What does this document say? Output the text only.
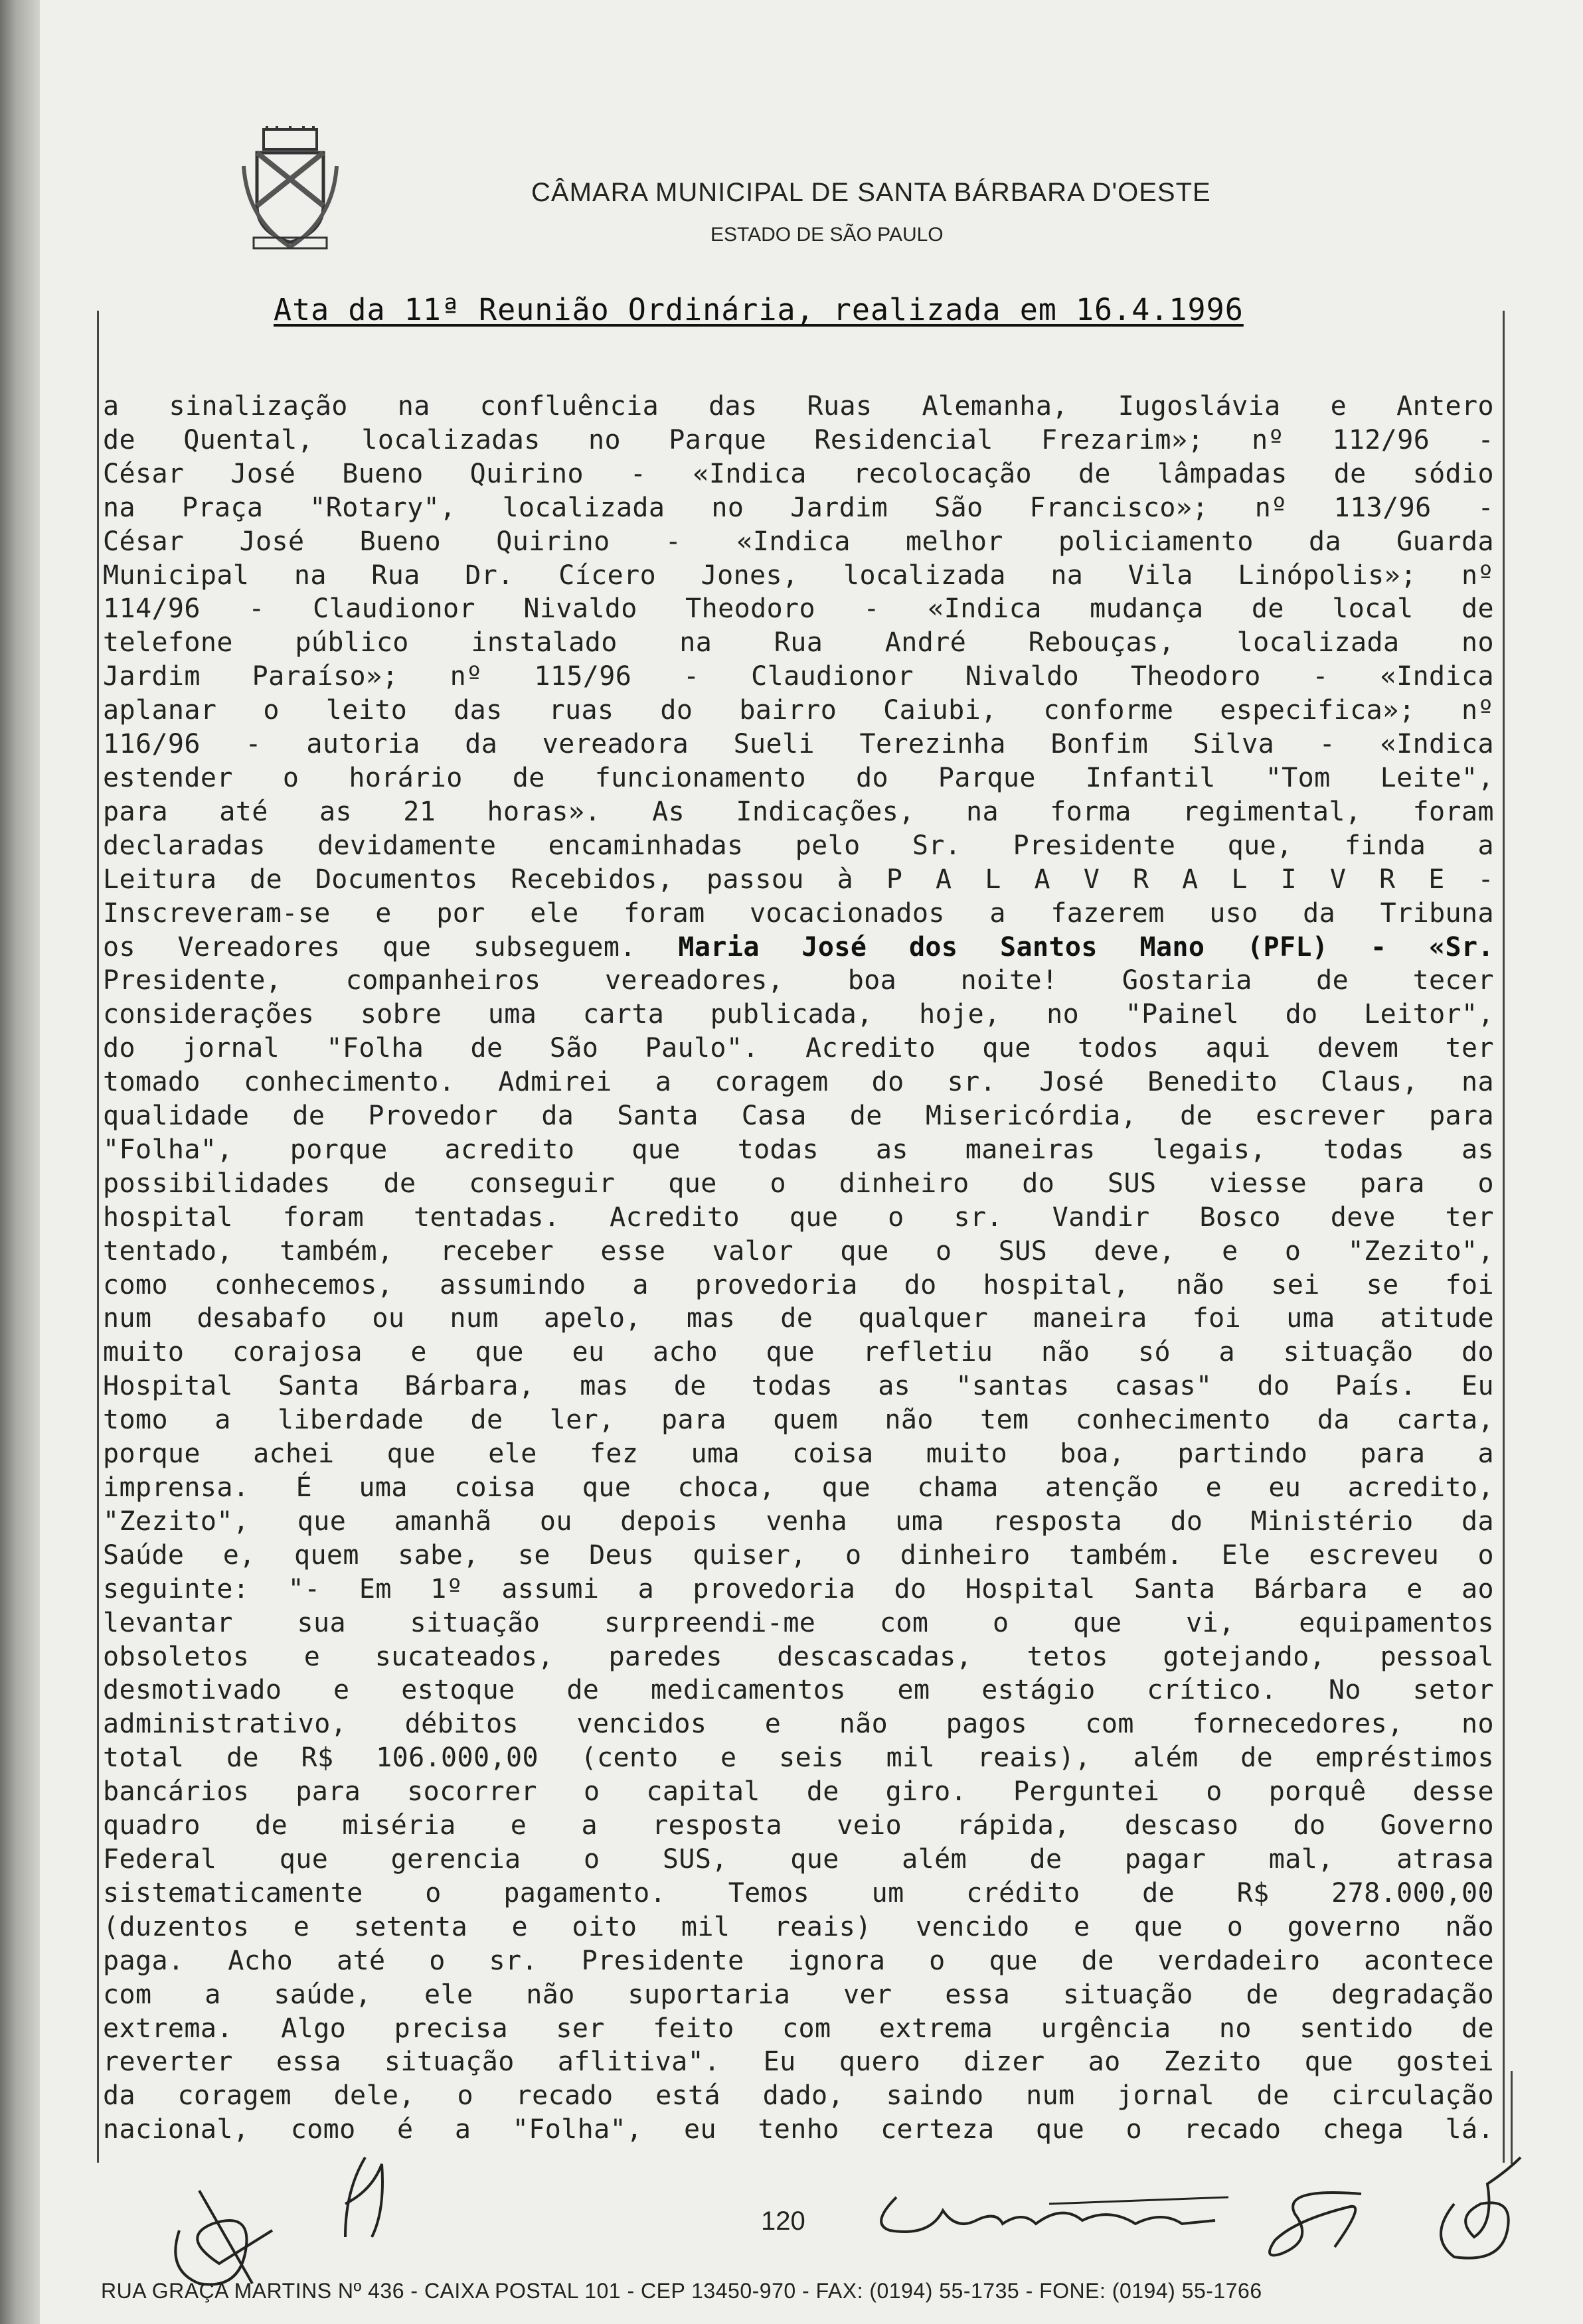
CÂMARA MUNICIPAL DE SANTA BÁRBARA D'OESTE
ESTADO DE SÃO PAULO
Ata da 11ª Reunião Ordinária, realizada em 16.4.1996
a sinalização na confluência das Ruas Alemanha, Iugoslávia e Antero
de Quental, localizadas no Parque Residencial Frezarim»; nº 112/96 -
César José Bueno Quirino - «Indica recolocação de lâmpadas de sódio
na Praça "Rotary", localizada no Jardim São Francisco»; nº 113/96 -
César José Bueno Quirino - «Indica melhor policiamento da Guarda
Municipal na Rua Dr. Cícero Jones, localizada na Vila Linópolis»; nº
114/96 - Claudionor Nivaldo Theodoro - «Indica mudança de local de
telefone público instalado na Rua André Rebouças, localizada no
Jardim Paraíso»; nº 115/96 - Claudionor Nivaldo Theodoro - «Indica
aplanar o leito das ruas do bairro Caiubi, conforme especifica»; nº
116/96 - autoria da vereadora Sueli Terezinha Bonfim Silva - «Indica
estender o horário de funcionamento do Parque Infantil "Tom Leite",
para até as 21 horas». As Indicações, na forma regimental, foram
declaradas devidamente encaminhadas pelo Sr. Presidente que, finda a
Leitura de Documentos Recebidos, passou à P A L A V R A L I V R E -
Inscreveram-se e por ele foram vocacionados a fazerem uso da Tribuna
os Vereadores que subseguem. Maria José dos Santos Mano (PFL) - «Sr.
Presidente, companheiros vereadores, boa noite! Gostaria de tecer
considerações sobre uma carta publicada, hoje, no "Painel do Leitor",
do jornal "Folha de São Paulo". Acredito que todos aqui devem ter
tomado conhecimento. Admirei a coragem do sr. José Benedito Claus, na
qualidade de Provedor da Santa Casa de Misericórdia, de escrever para
"Folha", porque acredito que todas as maneiras legais, todas as
possibilidades de conseguir que o dinheiro do SUS viesse para o
hospital foram tentadas. Acredito que o sr. Vandir Bosco deve ter
tentado, também, receber esse valor que o SUS deve, e o "Zezito",
como conhecemos, assumindo a provedoria do hospital, não sei se foi
num desabafo ou num apelo, mas de qualquer maneira foi uma atitude
muito corajosa e que eu acho que refletiu não só a situação do
Hospital Santa Bárbara, mas de todas as "santas casas" do País. Eu
tomo a liberdade de ler, para quem não tem conhecimento da carta,
porque achei que ele fez uma coisa muito boa, partindo para a
imprensa. É uma coisa que choca, que chama atenção e eu acredito,
"Zezito", que amanhã ou depois venha uma resposta do Ministério da
Saúde e, quem sabe, se Deus quiser, o dinheiro também. Ele escreveu o
seguinte: "- Em 1º assumi a provedoria do Hospital Santa Bárbara e ao
levantar sua situação surpreendi-me com o que vi, equipamentos
obsoletos e sucateados, paredes descascadas, tetos gotejando, pessoal
desmotivado e estoque de medicamentos em estágio crítico. No setor
administrativo, débitos vencidos e não pagos com fornecedores, no
total de R$ 106.000,00 (cento e seis mil reais), além de empréstimos
bancários para socorrer o capital de giro. Perguntei o porquê desse
quadro de miséria e a resposta veio rápida, descaso do Governo
Federal que gerencia o SUS, que além de pagar mal, atrasa
sistematicamente o pagamento. Temos um crédito de R$ 278.000,00
(duzentos e setenta e oito mil reais) vencido e que o governo não
paga. Acho até o sr. Presidente ignora o que de verdadeiro acontece
com a saúde, ele não suportaria ver essa situação de degradação
extrema. Algo precisa ser feito com extrema urgência no sentido de
reverter essa situação aflitiva". Eu quero dizer ao Zezito que gostei
da coragem dele, o recado está dado, saindo num jornal de circulação
nacional, como é a "Folha", eu tenho certeza que o recado chega lá.
120
RUA GRAÇA MARTINS Nº 436 - CAIXA POSTAL 101 - CEP 13450-970 - FAX: (0194) 55-1735 - FONE: (0194) 55-1766
